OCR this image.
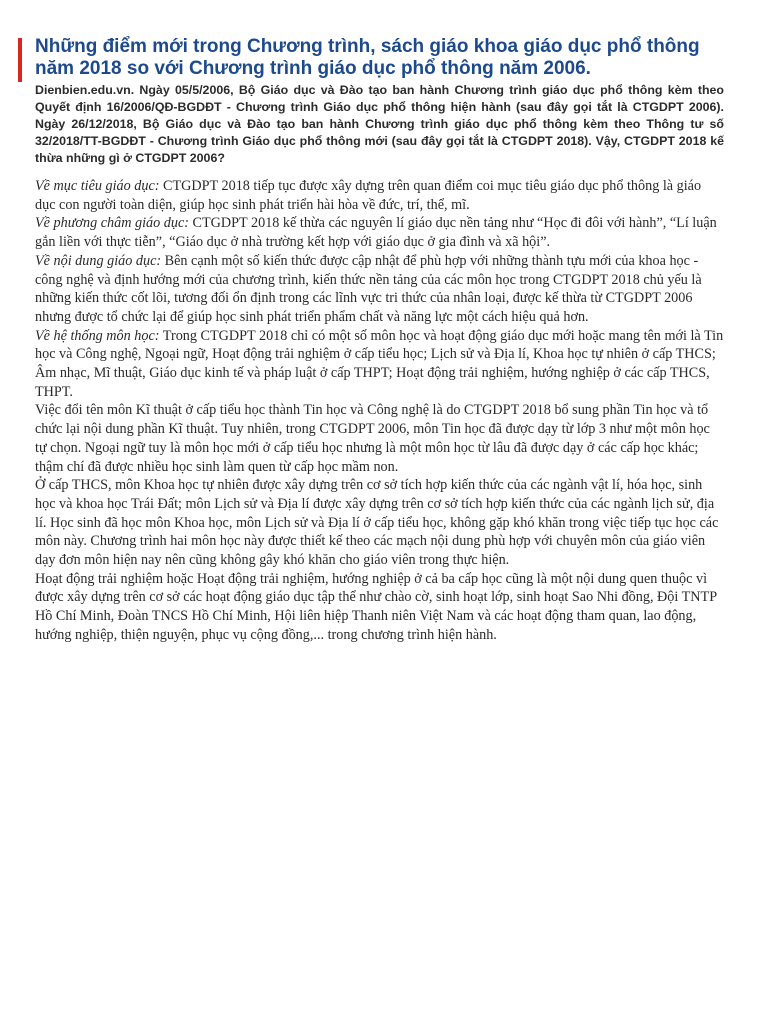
Những điểm mới trong Chương trình, sách giáo khoa giáo dục phổ thông năm 2018 so với Chương trình giáo dục phổ thông năm 2006.

Dienbien.edu.vn. Ngày 05/5/2006, Bộ Giáo dục và Đào tạo ban hành Chương trình giáo dục phổ thông kèm theo Quyết định 16/2006/QĐ-BGDĐT - Chương trình Giáo dục phổ thông hiện hành (sau đây gọi tắt là CTGDPT 2006). Ngày 26/12/2018, Bộ Giáo dục và Đào tạo ban hành Chương trình giáo dục phổ thông kèm theo Thông tư số 32/2018/TT-BGDĐT - Chương trình Giáo dục phổ thông mới (sau đây gọi tắt là CTGDPT 2018). Vậy, CTGDPT 2018 kế thừa những gì ở CTGDPT 2006?

Về mục tiêu giáo dục: CTGDPT 2018 tiếp tục được xây dựng trên quan điểm coi mục tiêu giáo dục phổ thông là giáo dục con người toàn diện, giúp học sinh phát triển hài hòa về đức, trí, thể, mĩ.

Về phương châm giáo dục: CTGDPT 2018 kế thừa các nguyên lí giáo dục nền tảng như “Học đi đôi với hành”, “Lí luận gắn liền với thực tiễn”, “Giáo dục ở nhà trường kết hợp với giáo dục ở gia đình và xã hội”.

Về nội dung giáo dục: Bên cạnh một số kiến thức được cập nhật để phù hợp với những thành tựu mới của khoa học - công nghệ và định hướng mới của chương trình, kiến thức nền tảng của các môn học trong CTGDPT 2018 chủ yếu là những kiến thức cốt lõi, tương đối ổn định trong các lĩnh vực tri thức của nhân loại, được kế thừa từ CTGDPT 2006 nhưng được tổ chức lại để giúp học sinh phát triển phẩm chất và năng lực một cách hiệu quả hơn.

Về hệ thống môn học: Trong CTGDPT 2018 chỉ có một số môn học và hoạt động giáo dục mới hoặc mang tên mới là Tin học và Công nghệ, Ngoại ngữ, Hoạt động trải nghiệm ở cấp tiểu học; Lịch sử và Địa lí, Khoa học tự nhiên ở cấp THCS; Âm nhạc, Mĩ thuật, Giáo dục kinh tế và pháp luật ở cấp THPT; Hoạt động trải nghiệm, hướng nghiệp ở các cấp THCS, THPT.

Việc đổi tên môn Kĩ thuật ở cấp tiểu học thành Tin học và Công nghệ là do CTGDPT 2018 bổ sung phần Tin học và tổ chức lại nội dung phần Kĩ thuật. Tuy nhiên, trong CTGDPT 2006, môn Tin học đã được dạy từ lớp 3 như một môn học tự chọn. Ngoại ngữ tuy là môn học mới ở cấp tiểu học nhưng là một môn học từ lâu đã được dạy ở các cấp học khác; thậm chí đã được nhiều học sinh làm quen từ cấp học mầm non.

Ở cấp THCS, môn Khoa học tự nhiên được xây dựng trên cơ sở tích hợp kiến thức của các ngành vật lí, hóa học, sinh học và khoa học Trái Đất; môn Lịch sử và Địa lí được xây dựng trên cơ sở tích hợp kiến thức của các ngành lịch sử, địa lí. Học sinh đã học môn Khoa học, môn Lịch sử và Địa lí ở cấp tiểu học, không gặp khó khăn trong việc tiếp tục học các môn này. Chương trình hai môn học này được thiết kế theo các mạch nội dung phù hợp với chuyên môn của giáo viên dạy đơn môn hiện nay nên cũng không gây khó khăn cho giáo viên trong thực hiện.

Hoạt động trải nghiệm hoặc Hoạt động trải nghiệm, hướng nghiệp ở cả ba cấp học cũng là một nội dung quen thuộc vì được xây dựng trên cơ sở các hoạt động giáo dục tập thể như chào cờ, sinh hoạt lớp, sinh hoạt Sao Nhi đồng, Đội TNTP Hồ Chí Minh, Đoàn TNCS Hồ Chí Minh, Hội liên hiệp Thanh niên Việt Nam và các hoạt động tham quan, lao động, hướng nghiệp, thiện nguyện, phục vụ cộng đồng,... trong chương trình hiện hành.
